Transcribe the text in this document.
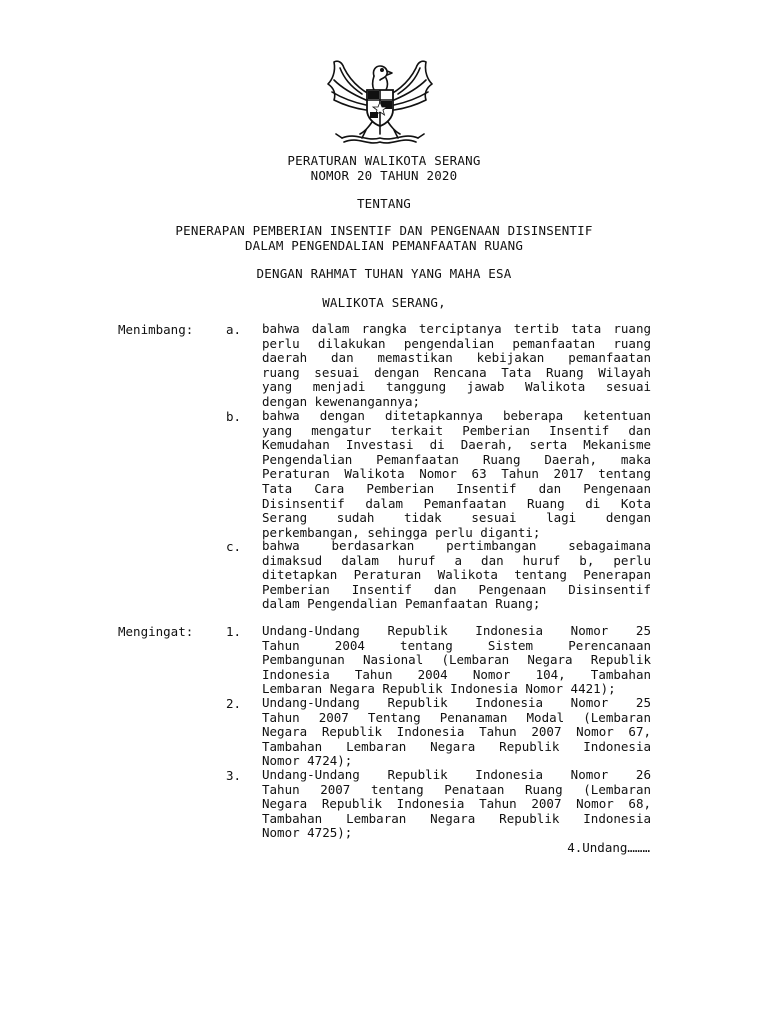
PERATURAN WALIKOTA SERANG
NOMOR 20 TAHUN 2020
TENTANG
PENERAPAN PEMBERIAN INSENTIF DAN PENGENAAN DISINSENTIF
DALAM PENGENDALIAN PEMANFAATAN RUANG
DENGAN RAHMAT TUHAN YANG MAHA ESA
WALIKOTA SERANG,
Menimbang:	a. bahwa dalam rangka terciptanya tertib tata ruang
perlu dilakukan pengendalian pemanfaatan ruang
daerah dan memastikan kebijakan pemanfaatan
ruang sesuai dengan Rencana Tata Ruang Wilayah
yang menjadi tanggung jawab Walikota sesuai
dengan kewenangannya;
b. bahwa dengan ditetapkannya beberapa ketentuan
yang mengatur terkait Pemberian Insentif dan
Kemudahan Investasi di Daerah, serta Mekanisme
Pengendalian Pemanfaatan Ruang Daerah, maka
Peraturan Walikota Nomor 63 Tahun 2017 tentang
Tata Cara Pemberian Insentif dan Pengenaan
Disinsentif dalam Pemanfaatan Ruang di Kota
Serang sudah tidak sesuai lagi dengan
perkembangan, sehingga perlu diganti;
c. bahwa berdasarkan pertimbangan sebagaimana
dimaksud dalam huruf a dan huruf b, perlu
ditetapkan Peraturan Walikota tentang Penerapan
Pemberian Insentif dan Pengenaan Disinsentif
dalam Pengendalian Pemanfaatan Ruang;
Mengingat:	1. Undang-Undang Republik Indonesia Nomor 25
Tahun 2004 tentang Sistem Perencanaan
Pembangunan Nasional (Lembaran Negara Republik
Indonesia Tahun 2004 Nomor 104, Tambahan
Lembaran Negara Republik Indonesia Nomor 4421);
2. Undang-Undang Republik Indonesia Nomor 25
Tahun 2007 Tentang Penanaman Modal (Lembaran
Negara Republik Indonesia Tahun 2007 Nomor 67,
Tambahan Lembaran Negara Republik Indonesia
Nomor 4724);
3. Undang-Undang Republik Indonesia Nomor 26
Tahun 2007 tentang Penataan Ruang (Lembaran
Negara Republik Indonesia Tahun 2007 Nomor 68,
Tambahan Lembaran Negara Republik Indonesia
Nomor 4725);
4.Undang………
